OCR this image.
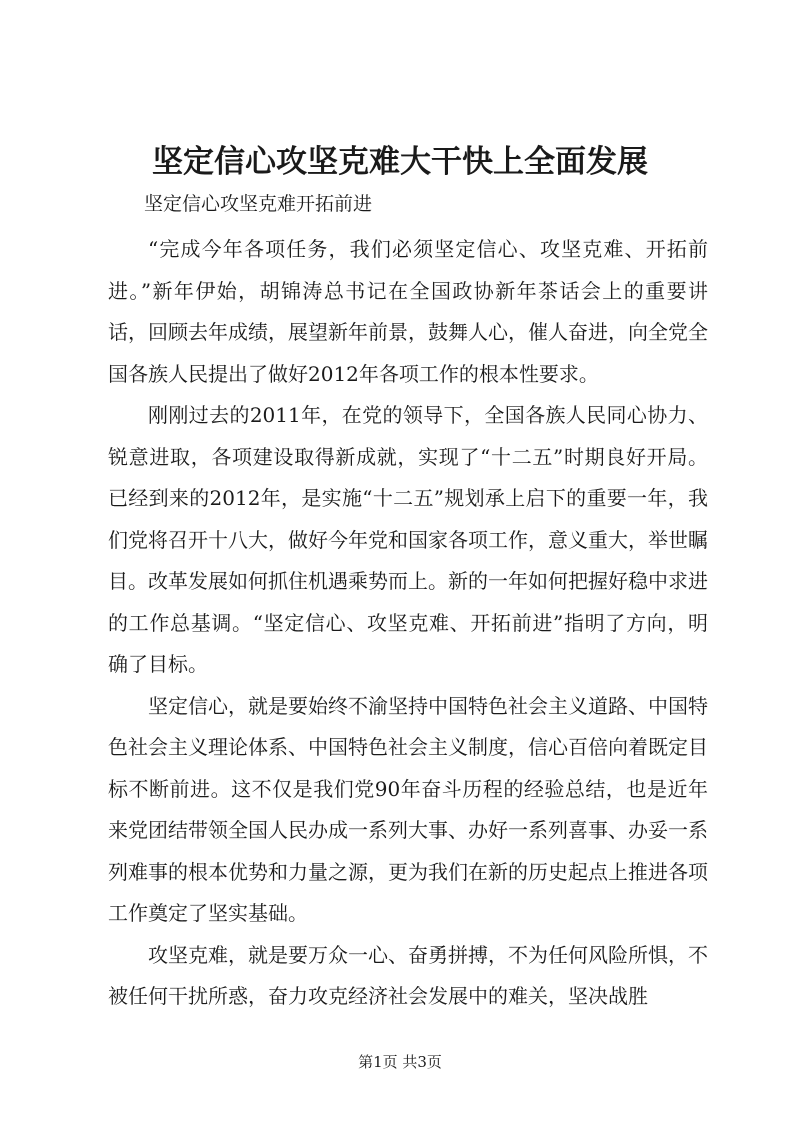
坚定信心攻坚克难大干快上全面发展

坚定信心攻坚克难开拓前进

“完成今年各项任务，我们必须坚定信心、攻坚克难、开拓前进。”新年伊始，胡锦涛总书记在全国政协新年茶话会上的重要讲话，回顾去年成绩，展望新年前景，鼓舞人心，催人奋进，向全党全国各族人民提出了做好2012年各项工作的根本性要求。

刚刚过去的2011年，在党的领导下，全国各族人民同心协力、锐意进取，各项建设取得新成就，实现了“十二五”时期良好开局。已经到来的2012年，是实施“十二五”规划承上启下的重要一年，我们党将召开十八大，做好今年党和国家各项工作，意义重大，举世瞩目。改革发展如何抓住机遇乘势而上。新的一年如何把握好稳中求进的工作总基调。“坚定信心、攻坚克难、开拓前进”指明了方向，明确了目标。

坚定信心，就是要始终不渝坚持中国特色社会主义道路、中国特色社会主义理论体系、中国特色社会主义制度，信心百倍向着既定目标不断前进。这不仅是我们党90年奋斗历程的经验总结，也是近年来党团结带领全国人民办成一系列大事、办好一系列喜事、办妥一系列难事的根本优势和力量之源，更为我们在新的历史起点上推进各项工作奠定了坚实基础。

攻坚克难，就是要万众一心、奋勇拼搏，不为任何风险所惧，不被任何干扰所惑，奋力攻克经济社会发展中的难关，坚决战胜

第1页 共3页
